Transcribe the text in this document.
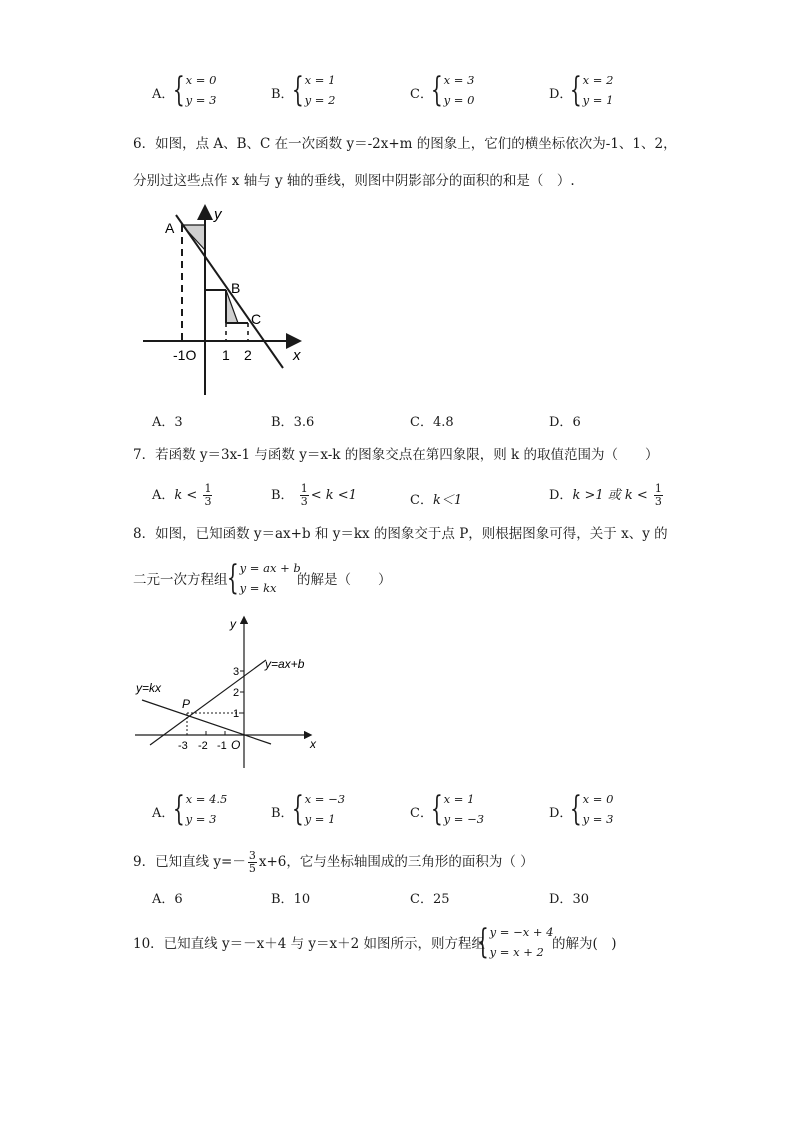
A．
{ x = 0
y = 3	B．
{ x = 1
y = 2	C．
{ x = 3
y = 0	D．
{ x = 2
y = 1
6．如图，点 A、B、C 在一次函数 y＝-2x+m 的图象上，它们的横坐标依次为-1、1、2，
分别过这些点作 x 轴与 y 轴的垂线，则图中阴影部分的面积的和是（　）.
A
B
C
y
x
-1O 1 2
A．3	B．3.6	C．4.8	D．6
7．若函数 y＝3x-1 与函数 y＝x-k 的图象交点在第四象限，则 k 的取值范围为（　　）
A．$k < \frac{1}{3}$	B． $\frac{1}{3} < k <1$	C．k＜1	D．k >1 或 $k < \frac{1}{3}$
8．如图，已知函数 y＝ax+b 和 y＝kx 的图象交于点 P，则根据图象可得，关于 x、y 的
二元一次方程组 { y = ax + b
y = kx	的解是（　　）
y
x
O
P
y=ax+b
y=kx
3
2
1
-3 -2 -1
A．
{ x = 4.5
y = 3	B．
{ x = −3
y = 1	C．
{ x = 1
y = −3	D．
{ x = 0
y = 3
9．已知直线 $y=- \frac{3}{5} x+6$，它与坐标轴围成的三角形的面积为（ ）
A．6	B．10	C．25	D．30
10．已知直线 y＝－x＋4 与 y＝x＋2 如图所示，则方程组
{ y = −x + 4
y = x + 2 的解为(　)
